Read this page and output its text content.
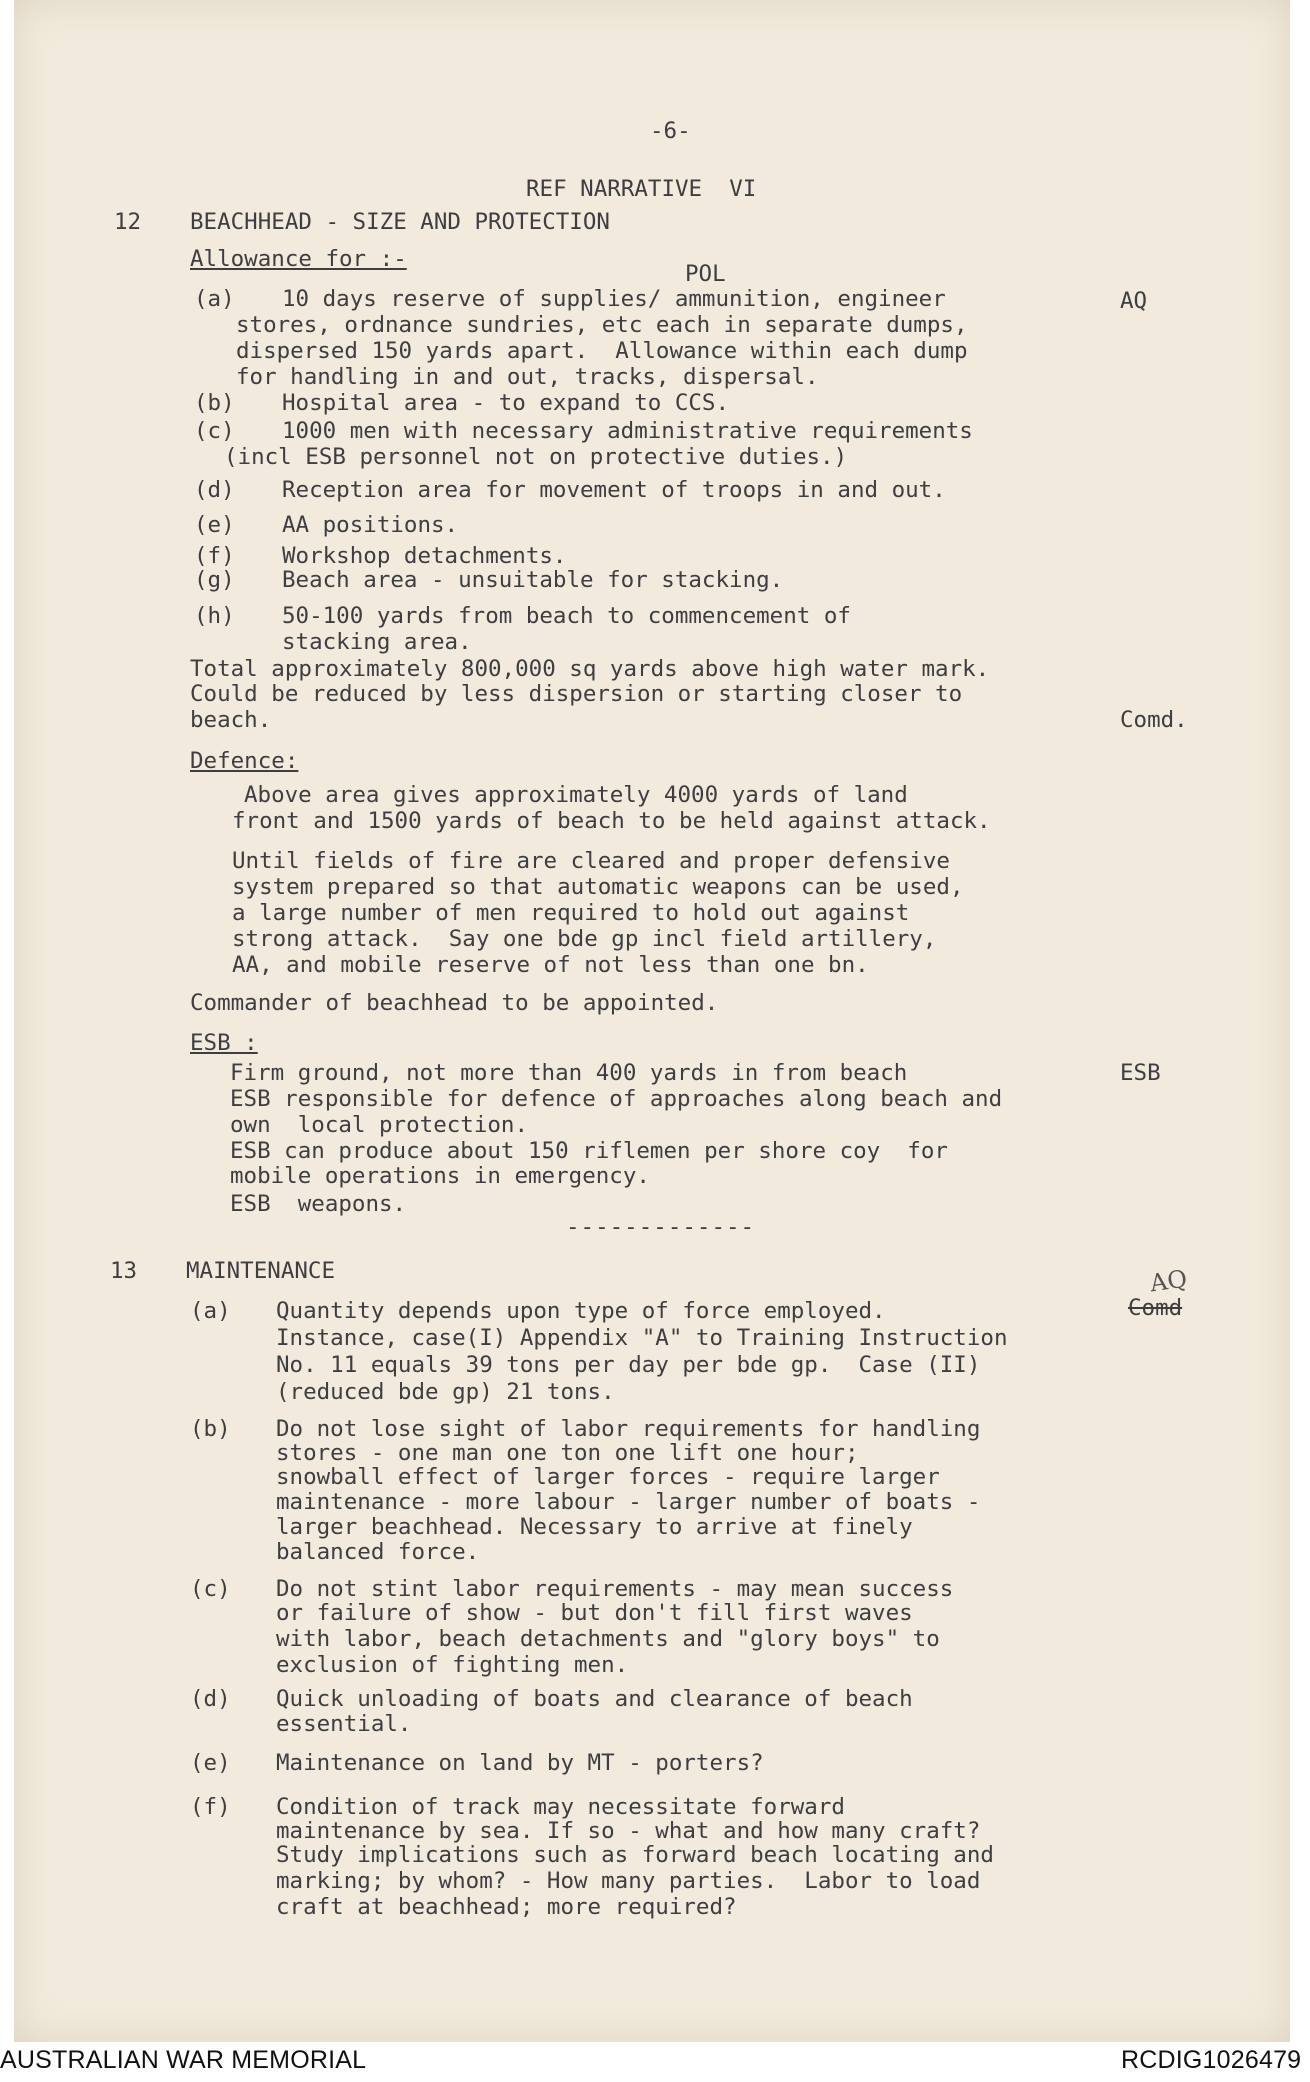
-6-
REF NARRATIVE  VI
12 BEACHHEAD - SIZE AND PROTECTION
Allowance for :-
POL
(a) 10 days reserve of supplies/ ammunition, engineer
stores, ordnance sundries, etc each in separate dumps,
dispersed 150 yards apart.  Allowance within each dump
for handling in and out, tracks, dispersal.
AQ
(b) Hospital area - to expand to CCS.
(c) 1000 men with necessary administrative requirements
(incl ESB personnel not on protective duties.)
(d) Reception area for movement of troops in and out.
(e) AA positions.
(f) Workshop detachments.
(g) Beach area - unsuitable for stacking.
(h) 50-100 yards from beach to commencement of
stacking area.
Total approximately 800,000 sq yards above high water mark.
Could be reduced by less dispersion or starting closer to
beach.	Comd.
Defence:
Above area gives approximately 4000 yards of land
front and 1500 yards of beach to be held against attack.
Until fields of fire are cleared and proper defensive
system prepared so that automatic weapons can be used,
a large number of men required to hold out against
strong attack.  Say one bde gp incl field artillery,
AA, and mobile reserve of not less than one bn.
Commander of beachhead to be appointed.
ESB :
Firm ground, not more than 400 yards in from beach
ESB responsible for defence of approaches along beach and
own  local protection.
ESB can produce about 150 riflemen per shore coy  for
mobile operations in emergency.
ESB  weapons.
ESB
-------------
13 MAINTENANCE	AQ
Comd
(a) Quantity depends upon type of force employed.
Instance, case(I) Appendix "A" to Training Instruction
No. 11 equals 39 tons per day per bde gp.  Case (II)
(reduced bde gp) 21 tons.
(b) Do not lose sight of labor requirements for handling
stores - one man one ton one lift one hour;
snowball effect of larger forces - require larger
maintenance - more labour - larger number of boats -
larger beachhead. Necessary to arrive at finely
balanced force.
(c) Do not stint labor requirements - may mean success
or failure of show - but don't fill first waves
with labor, beach detachments and "glory boys" to
exclusion of fighting men.
(d) Quick unloading of boats and clearance of beach
essential.
(e) Maintenance on land by MT - porters?
(f) Condition of track may necessitate forward
maintenance by sea. If so - what and how many craft?
Study implications such as forward beach locating and
marking; by whom? - How many parties.  Labor to load
craft at beachhead; more required?
AUSTRALIAN WAR MEMORIAL	RCDIG1026479
